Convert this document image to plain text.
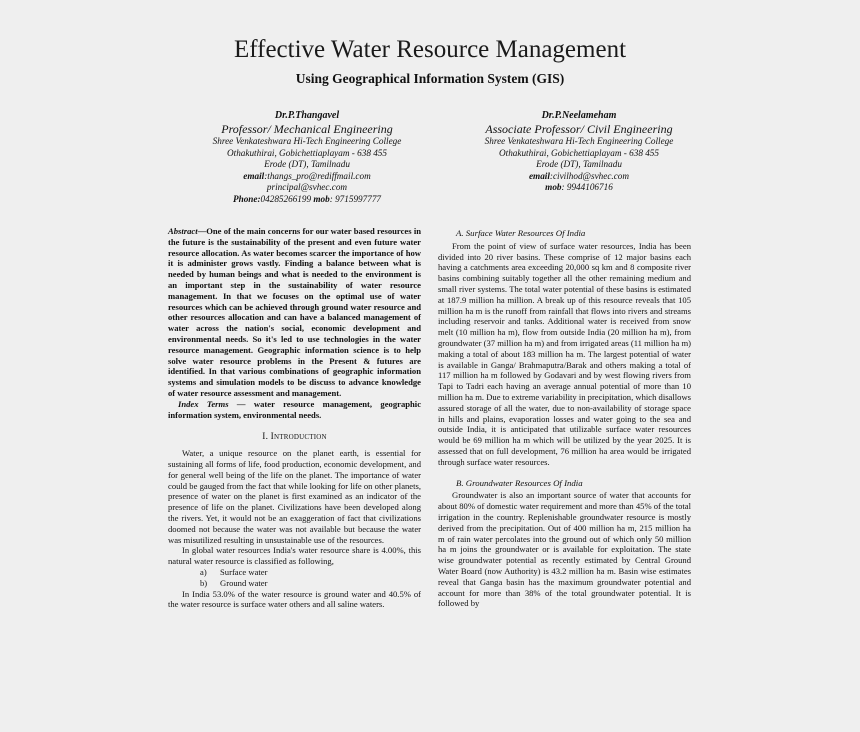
Effective Water Resource Management
Using Geographical Information System (GIS)
Dr.P.Thangavel
Professor/ Mechanical Engineering
Shree Venkateshwara Hi-Tech Engineering College
Othakuthirai, Gobichettiaplayam - 638 455
Erode (DT), Tamilnadu
email:thangs_pro@rediffmail.com
principal@svhec.com
Phone:04285266199 mob: 9715997777
Dr.P.Neelameham
Associate Professor/ Civil Engineering
Shree Venkateshwara Hi-Tech Engineering College
Othakuthirai, Gobichettiaplayam - 638 455
Erode (DT), Tamilnadu
email:civilhod@svhec.com
mob: 9944106716

Abstract—One of the main concerns for our water based resources in the future is the sustainability of the present and even future water resource allocation. As water becomes scarcer the importance of how it is administer grows vastly. Finding a balance between what is needed by human beings and what is needed to the environment is an important step in the sustainability of water resource management. In that we focuses on the optimal use of water resources which can be achieved through ground water resource and other resources allocation and can have a balanced management of water across the nation's social, economic development and environmental needs. So it's led to use technologies in the water resource management. Geographic information science is to help solve water resource problems in the Present & futures are identified. In that various combinations of geographic information systems and simulation models to be discuss to advance knowledge of water resource assessment and management.

Index Terms — water resource management, geographic information system, environmental needs.

I. Introduction

Water, a unique resource on the planet earth, is essential for sustaining all forms of life, food production, economic development, and for general well being of the life on the planet. The importance of water could be gauged from the fact that while looking for life on other planets, presence of water on the planet is first examined as an indicator of the presence of life on the planet. Civilizations have been developed along the rivers. Yet, it would not be an exaggeration of fact that civilizations doomed not because the water was not available but because the water was misutilized resulting in unsustainable use of the resources.

In global water resources India's water resource share is 4.00%, this natural water resource is classified as following,

a)	Surface water
b)	Ground water

In India 53.0% of the water resource is ground water and 40.5% of the water resource is surface water others and all saline waters.

A. Surface Water Resources Of India

From the point of view of surface water resources, India has been divided into 20 river basins. These comprise of 12 major basins each having a catchments area exceeding 20,000 sq km and 8 composite river basins combining suitably together all the other remaining medium and small river systems. The total water potential of these basins is estimated at 187.9 million ha million. A break up of this resource reveals that 105 million ha m is the runoff from rainfall that flows into rivers and streams including reservoir and tanks. Additional water is received from snow melt (10 million ha m), flow from outside India (20 million ha m), from groundwater (37 million ha m) and from irrigated areas (11 million ha m) making a total of about 183 million ha m. The largest potential of water is available in Ganga/ Brahmaputra/Barak and others making a total of 117 million ha m followed by Godavari and by west flowing rivers from Tapi to Tadri each having an average annual potential of more than 10 million ha m. Due to extreme variability in precipitation, which disallows assured storage of all the water, due to non-availability of storage space in hills and plains, evaporation losses and water going to the sea and outside India, it is anticipated that utilizable surface water resources would be 69 million ha m which will be utilized by the year 2025. It is assessed that on full development, 76 million ha area would be irrigated through surface water resources.

B. Groundwater Resources Of India

Groundwater is also an important source of water that accounts for about 80% of domestic water requirement and more than 45% of the total irrigation in the country. Replenishable groundwater resource is mostly derived from the precipitation. Out of 400 million ha m, 215 million ha m of rain water percolates into the ground out of which only 50 million ha m joins the groundwater or is available for exploitation. The state wise groundwater potential as recently estimated by Central Ground Water Board (now Authority) is 43.2 million ha m. Basin wise estimates reveal that Ganga basin has the maximum groundwater potential and account for more than 38% of the total groundwater potential. It is followed by
